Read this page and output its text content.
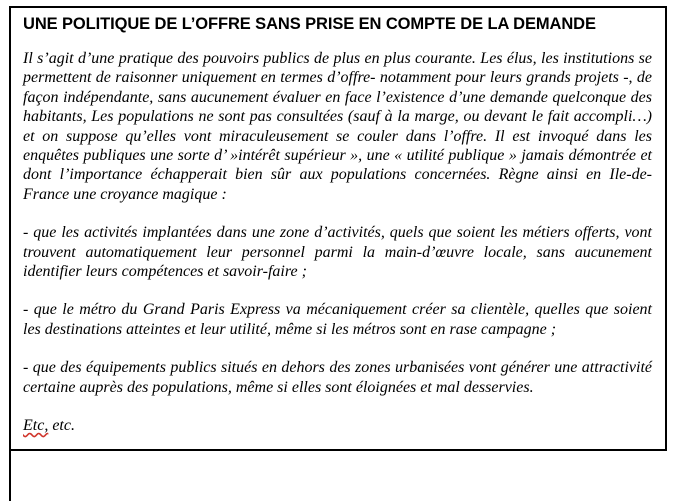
UNE POLITIQUE DE L’OFFRE SANS PRISE EN COMPTE DE LA DEMANDE

Il s’agit d’une pratique des pouvoirs publics de plus en plus courante. Les élus, les institutions se permettent de raisonner uniquement en termes d’offre- notamment pour leurs grands projets -, de façon indépendante, sans aucunement évaluer en face l’existence d’une demande quelconque des habitants, Les populations ne sont pas consultées (sauf à la marge, ou devant le fait accompli…) et on suppose qu’elles vont miraculeusement se couler dans l’offre. Il est invoqué dans les enquêtes publiques une sorte d’ »intérêt supérieur », une « utilité publique » jamais démontrée et dont l’importance échapperait bien sûr aux populations concernées. Règne ainsi en Ile-de-France une croyance magique :

- que les activités implantées dans une zone d’activités, quels que soient les métiers offerts, vont trouvent automatiquement leur personnel parmi la main-d’œuvre locale, sans aucunement identifier leurs compétences et savoir-faire ;

- que le métro du Grand Paris Express va mécaniquement créer sa clientèle, quelles que soient les destinations atteintes et leur utilité, même si les métros sont en rase campagne ;

- que des équipements publics situés en dehors des zones urbanisées vont générer une attractivité certaine auprès des populations, même si elles sont éloignées et mal desservies.

Etc, etc.
